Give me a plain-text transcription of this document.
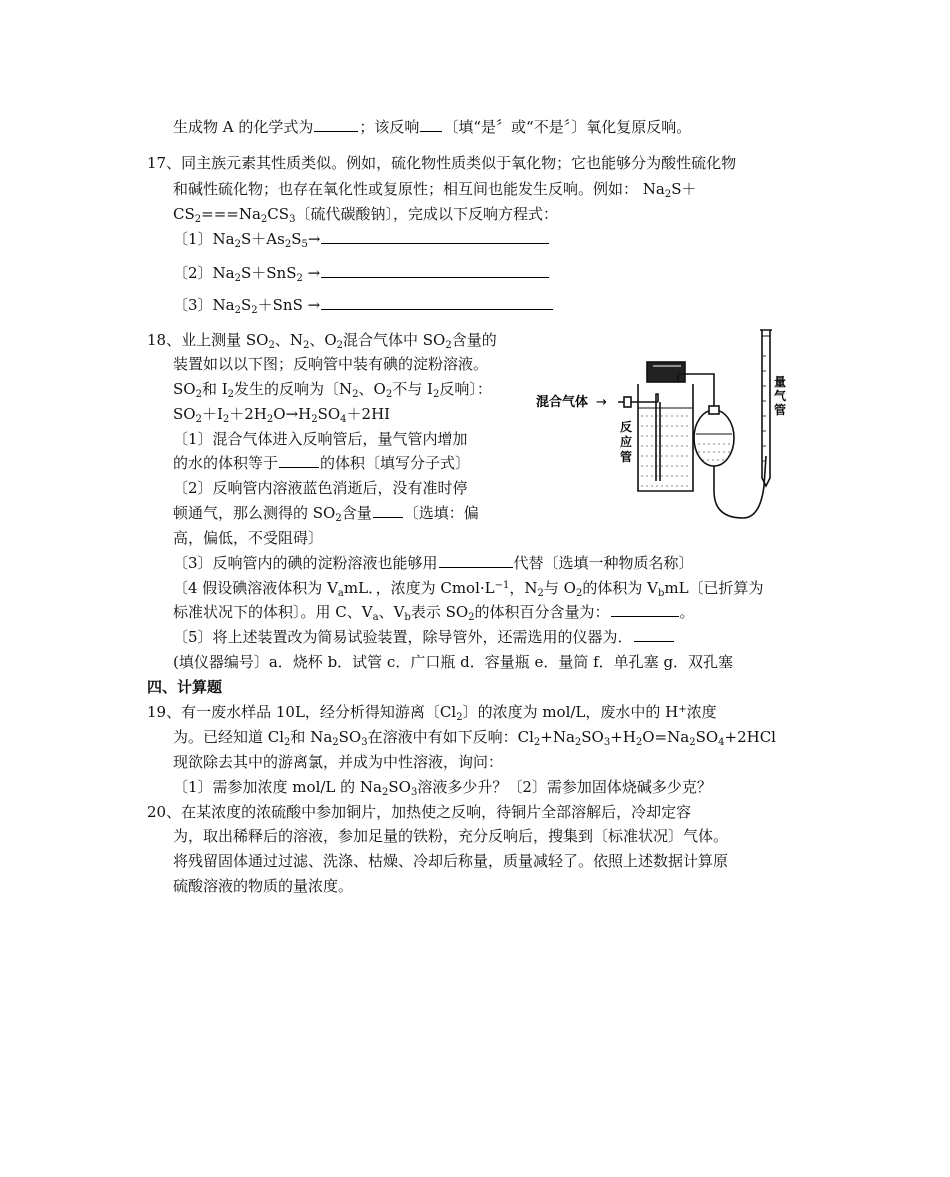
生成物 A 的化学式为	；该反响 〔填“是〞或“不是〞〕氧化复原反响。
17、同主族元素其性质类似。例如，硫化物性质类似于氧化物；它也能够分为酸性硫化物
和碱性硫化物；也存在氧化性或复原性；相互间也能发生反响。例如： $Na_2S+$
$CS_2===Na_2CS_3$〔硫代碳酸钠〕，完成以下反响方程式：
〔1〕$Na_2S+As_2S_5\to$
〔2〕$Na_2S+SnS_2$ →
〔3〕$Na_2S_2+SnS$ →
18、业上测量 $SO_2$、$N_2$、$O_2$混合气体中 $SO_2$含量的
装置如以以下图；反响管中装有碘的淀粉溶液。
$SO_2$和 $I_2$发生的反响为〔$N_2$、$O_2$不与 $I_2$反响〕：
$SO_2+I_2+2H_2O\to H_2SO_4+2HI$
〔1〕混合气体进入反响管后，量气管内增加
的水的体积等于	的体积〔填写分子式〕
〔2〕反响管内溶液蓝色消逝后，没有准时停
顿通气，那么测得的 $SO_2$含量 〔选填：偏
高，偏低，不受阻碍〕
〔3〕反响管内的碘的淀粉溶液也能够用	代替〔选填一种物质名称〕
〔4 假设碘溶液体积为 $V_amL$．，浓度为 $Cmol\cdot L^{-1}$，$N_2$与 $O_2$的体积为 $V_bmL$〔已折算为
标准状况下的体积〕。用 C、$V_a$、$V_b$表示 $SO_2$的体积百分含量为：	。
〔5〕将上述装置改为简易试验装置，除导管外，还需选用的仪器为．
(填仪器编号〕a．烧杯 b．试管 c．广口瓶 d．容量瓶 e．量筒 f．单孔塞 g．双孔塞
四、计算题
19、有一废水样品 10L，经分析得知游离〔$Cl_2$〕的浓度为 mol/L，废水中的 H+浓度
为。已经知道 $Cl_2$和 $Na_2SO_3$在溶液中有如下反响：$Cl_2+Na_2SO_3+H_2O=Na_2SO_4+2HCl$
现欲除去其中的游离氯，并成为中性溶液，询问：
〔1〕需参加浓度 mol/L 的 $Na_2SO_3$溶液多少升？〔2〕需参加固体烧碱多少克？
20、在某浓度的浓硫酸中参加铜片，加热使之反响，待铜片全部溶解后，冷却定容
为，取出稀释后的溶液，参加足量的铁粉，充分反响后，搜集到〔标准状况〕气体。
将残留固体通过过滤、洗涤、枯燥、冷却后称量，质量减轻了。依照上述数据计算原
硫酸溶液的物质的量浓度。
混合气体 →
反
应
管
量
气
管
